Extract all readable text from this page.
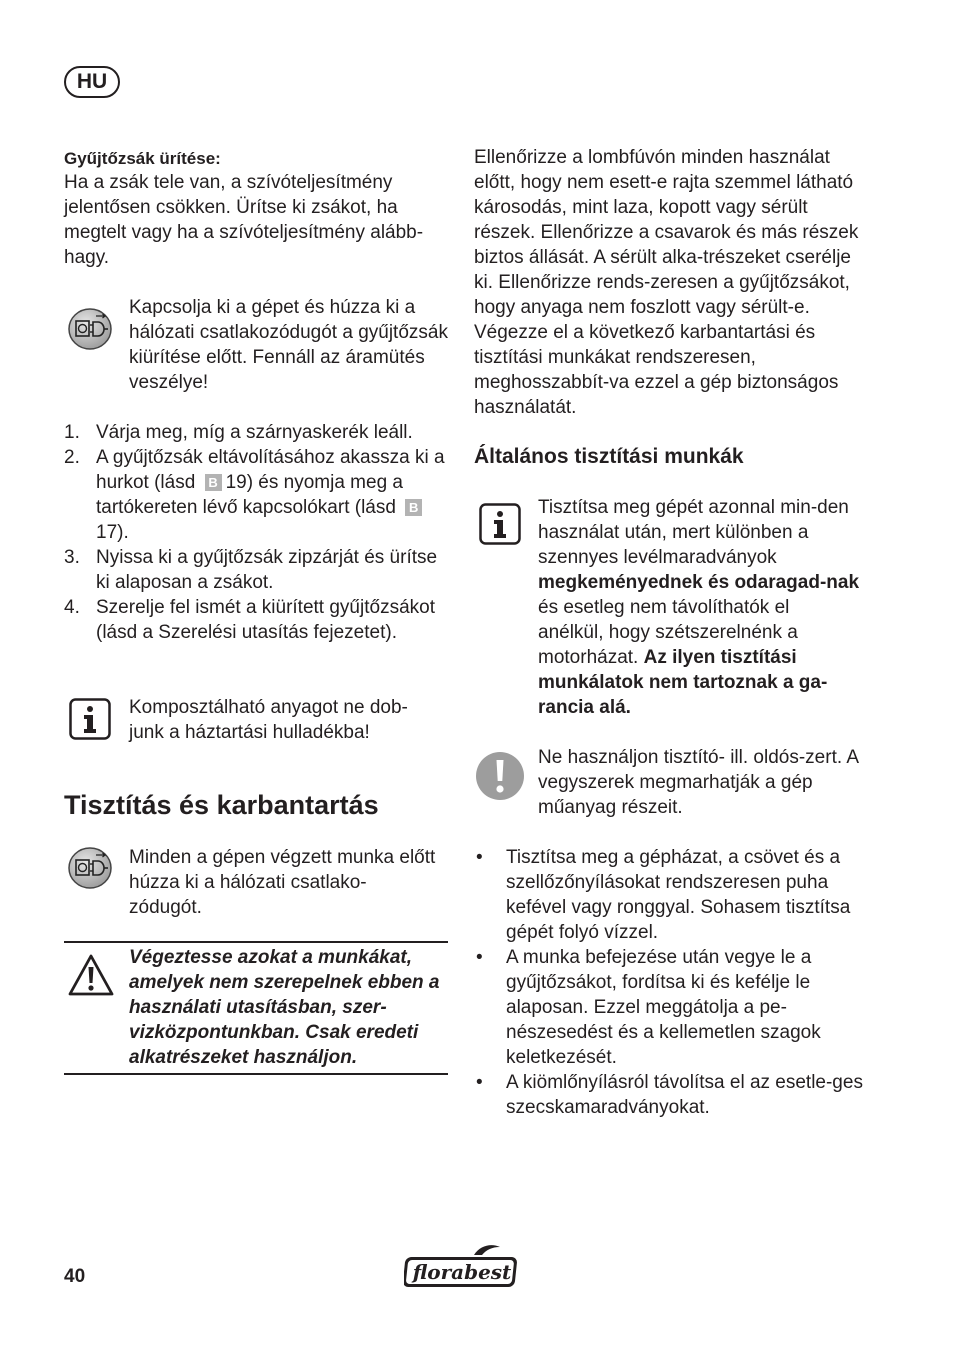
HU

Gyűjtőzsák ürítése:

Ha a zsák tele van, a szívóteljesítmény jelentősen csökken. Ürítse ki zsákot, ha megtelt vagy ha a szívóteljesítmény alább-hagy.

Kapcsolja ki a gépet és húzza ki a hálózati csatlakozódugót a gyűjtőzsák kiürítése előtt. Fennáll az áramütés veszélye!

1. Várja meg, míg a szárnyaskerék leáll.
2. A gyűjtőzsák eltávolításához akassza ki a hurkot (lásd B 19) és nyomja meg a tartókereten lévő kapcsolókart (lásd B17).
3. Nyissa ki a gyűjtőzsák zipzárját és ürítse ki alaposan a zsákot.
4. Szerelje fel ismét a kiürített gyűjtőzsákot (lásd a Szerelési utasítás fejezetet).

Komposztálható anyagot ne dob-junk a háztartási hulladékba!

Tisztítás és karbantartás

Minden a gépen végzett munka előtt húzza ki a hálózati csatlako-zódugót.

Végeztesse azokat a munkákat, amelyek nem szerepelnek ebben a használati utasításban, szer-vizközpontunkban. Csak eredeti alkatrészeket használjon.

Ellenőrizze a lombfúvón minden használat előtt, hogy nem esett-e rajta szemmel látható károsodás, mint laza, kopott vagy sérült részek. Ellenőrizze a csavarok és más részek biztos állását. A sérült alka-trészeket cserélje ki. Ellenőrizze rends-zeresen a gyűjtőzsákot, hogy anyaga nem foszlott vagy sérült-e. Végezze el a következő karbantartási és tisztítási munkákat rendszeresen, meghosszabbít-va ezzel a gép biztonságos használatát.

Általános tisztítási munkák

Tisztítsa meg gépét azonnal min-den használat után, mert különben a szennyes levélmaradványok megkeményednek és odaragad-nak és esetleg nem távolíthatók el anélkül, hogy szétszerelnénk a motorházat. Az ilyen tisztítási munkálatok nem tartoznak a ga-rancia alá.

Ne használjon tisztító- ill. oldós-zert. A vegyszerek megmarhatják a gép műanyag részeit.

• Tisztítsa meg a gépházat, a csövet és a szellőzőnyílásokat rendszeresen puha kefével vagy ronggyal. Sohasem tisztítsa gépét folyó vízzel.
• A munka befejezése után vegye le a gyűjtőzsákot, fordítsa ki és kefélje le alaposan. Ezzel meggátolja a pe-nészesedést és a kellemetlen szagok keletkezését.
• A kiömlőnyílásról távolítsa el az esetle-ges szecskamaradványokat.
40	florabest
